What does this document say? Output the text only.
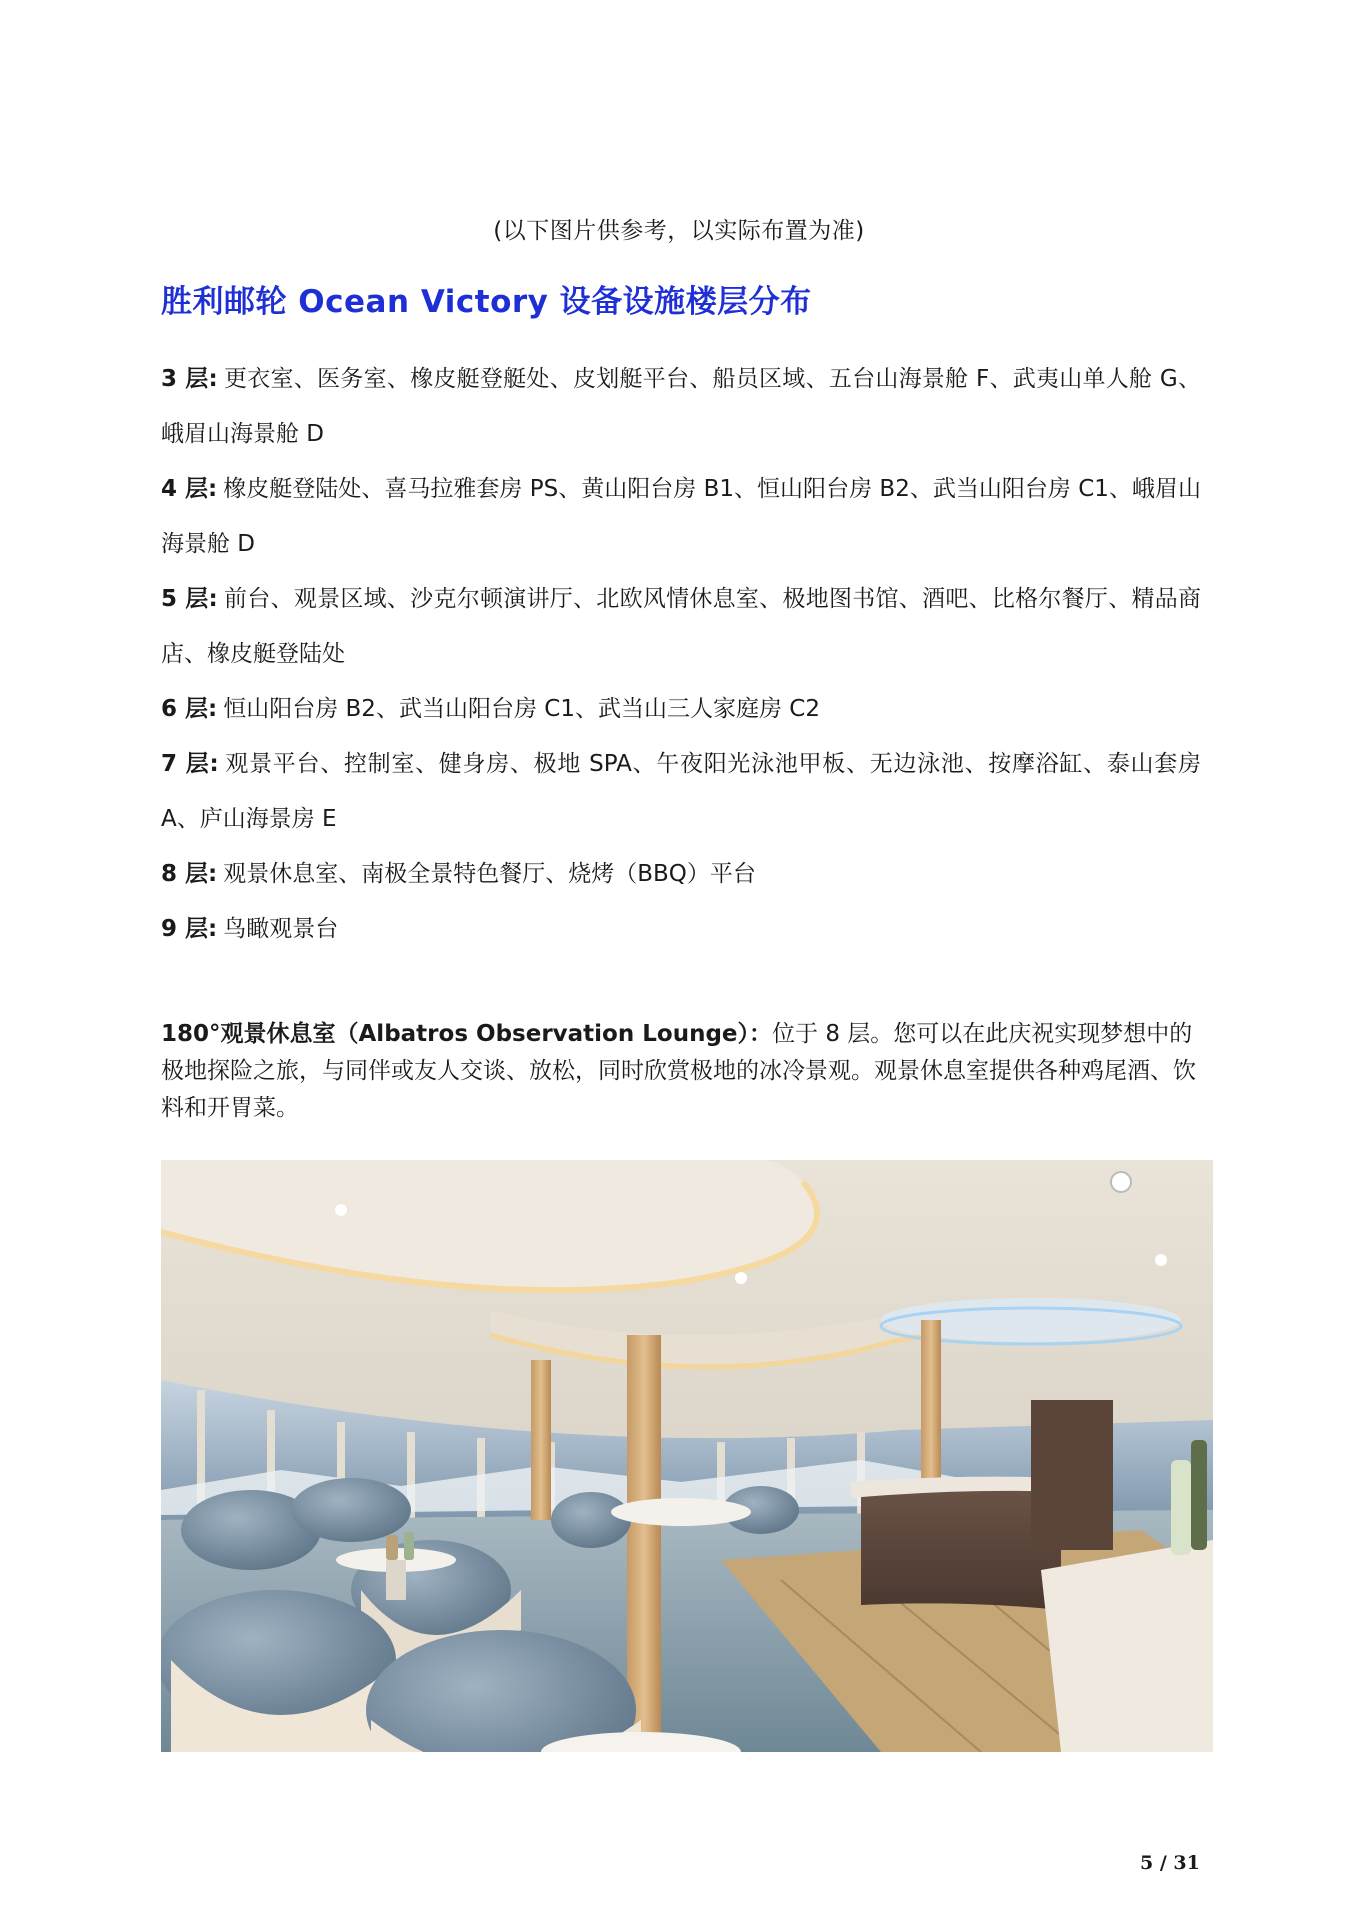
(以下图片供参考，以实际布置为准)
胜利邮轮 Ocean Victory 设备设施楼层分布

3 层: 更衣室、医务室、橡皮艇登艇处、皮划艇平台、船员区域、五台山海景舱 F、武夷山单人舱 G、峨眉山海景舱 D

4 层: 橡皮艇登陆处、喜马拉雅套房 PS、黄山阳台房 B1、恒山阳台房 B2、武当山阳台房 C1、峨眉山海景舱 D

5 层: 前台、观景区域、沙克尔顿演讲厅、北欧风情休息室、极地图书馆、酒吧、比格尔餐厅、精品商店、橡皮艇登陆处

6 层: 恒山阳台房 B2、武当山阳台房 C1、武当山三人家庭房 C2

7 层: 观景平台、控制室、健身房、极地 SPA、午夜阳光泳池甲板、无边泳池、按摩浴缸、泰山套房 A、庐山海景房 E

8 层: 观景休息室、南极全景特色餐厅、烧烤（BBQ）平台

9 层: 鸟瞰观景台

180°观景休息室（Albatros Observation Lounge）：位于 8 层。您可以在此庆祝实现梦想中的极地探险之旅，与同伴或友人交谈、放松，同时欣赏极地的冰冷景观。观景休息室提供各种鸡尾酒、饮料和开胃菜。

5 / 31
